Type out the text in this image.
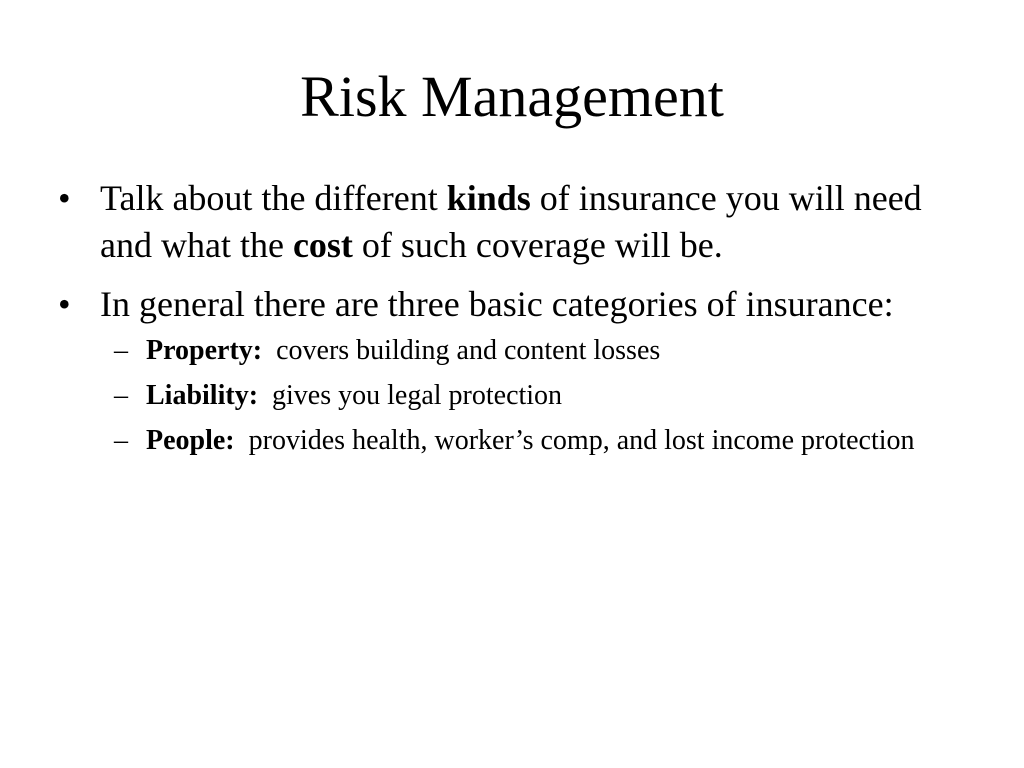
Risk Management
• Talk about the different kinds of insurance you will need and what the cost of such coverage will be.
• In general there are three basic categories of insurance:
– Property: covers building and content losses
– Liability: gives you legal protection
– People: provides health, worker’s comp, and lost income protection
